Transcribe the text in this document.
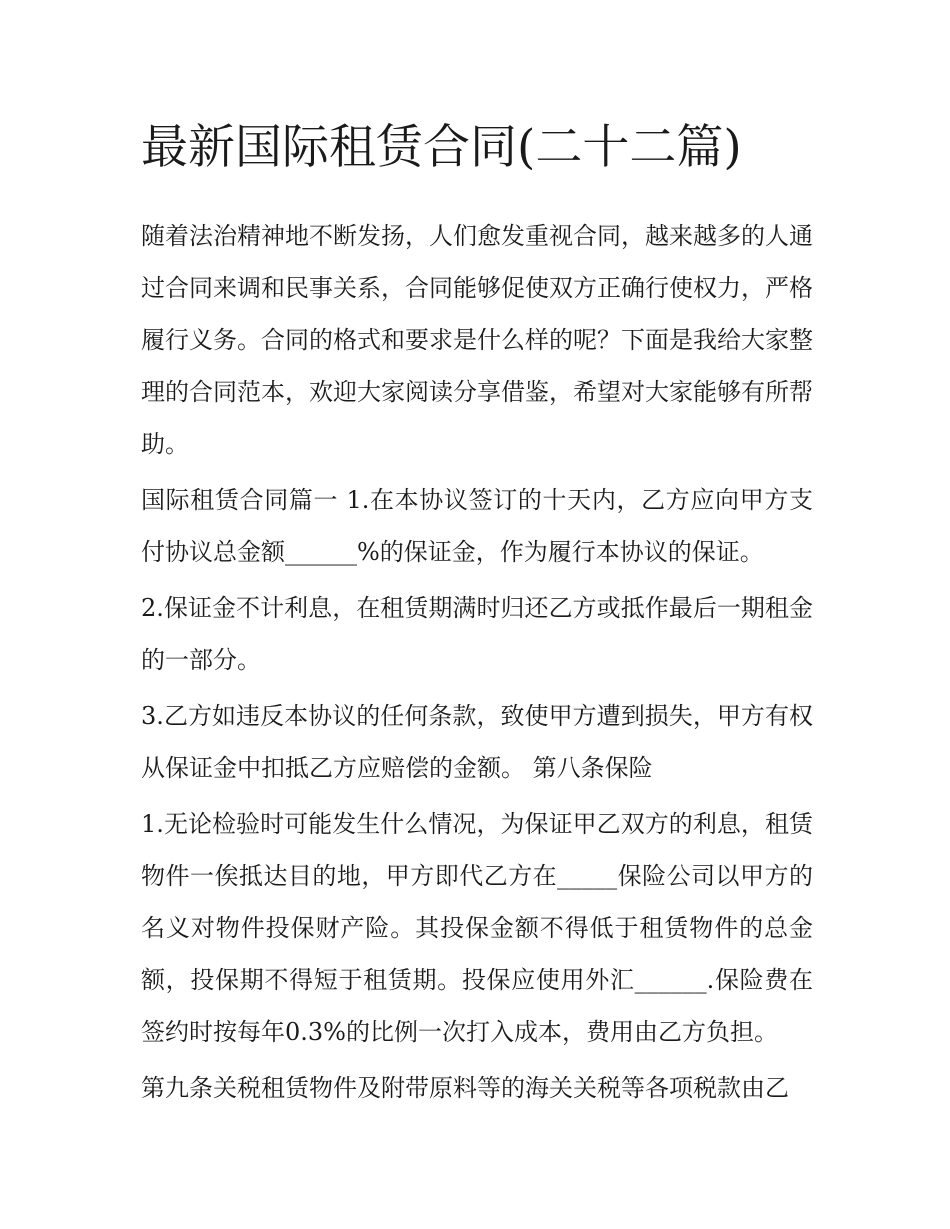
最新国际租赁合同(二十二篇)

随着法治精神地不断发扬，人们愈发重视合同，越来越多的人通过合同来调和民事关系，合同能够促使双方正确行使权力，严格履行义务。合同的格式和要求是什么样的呢？下面是我给大家整理的合同范本，欢迎大家阅读分享借鉴，希望对大家能够有所帮助。

国际租赁合同篇一 1.在本协议签订的十天内，乙方应向甲方支付协议总金额______%的保证金，作为履行本协议的保证。

2.保证金不计利息，在租赁期满时归还乙方或抵作最后一期租金的一部分。

3.乙方如违反本协议的任何条款，致使甲方遭到损失，甲方有权从保证金中扣抵乙方应赔偿的金额。 第八条保险

1.无论检验时可能发生什么情况，为保证甲乙双方的利息，租赁物件一俟抵达目的地，甲方即代乙方在_____保险公司以甲方的名义对物件投保财产险。其投保金额不得低于租赁物件的总金额，投保期不得短于租赁期。投保应使用外汇______.保险费在签约时按每年0.3%的比例一次打入成本，费用由乙方负担。

第九条关税租赁物件及附带原料等的海关关税等各项税款由乙
